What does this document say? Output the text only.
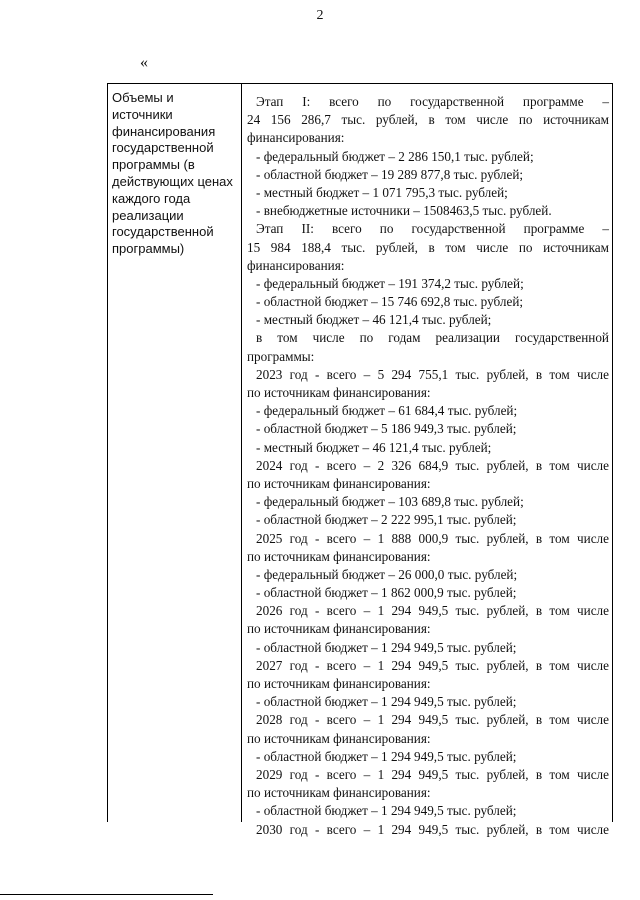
2
«
Объемы и
источники
финансирования
государственной
программы (в
действующих ценах
каждого года
реализации
государственной
программы)
Этап I: всего по государственной программе –
24 156 286,7 тыс. рублей, в том числе по источникам
финансирования:
- федеральный бюджет – 2 286 150,1 тыс. рублей;
- областной бюджет – 19 289 877,8 тыс. рублей;
- местный бюджет – 1 071 795,3 тыс. рублей;
- внебюджетные источники – 1508463,5 тыс. рублей.
Этап II: всего по государственной программе –
15 984 188,4 тыс. рублей, в том числе по источникам
финансирования:
- федеральный бюджет – 191 374,2 тыс. рублей;
- областной бюджет – 15 746 692,8 тыс. рублей;
- местный бюджет – 46 121,4 тыс. рублей;
в том числе по годам реализации государственной
программы:
2023 год - всего – 5 294 755,1 тыс. рублей, в том числе
по источникам финансирования:
- федеральный бюджет – 61 684,4 тыс. рублей;
- областной бюджет – 5 186 949,3 тыс. рублей;
- местный бюджет – 46 121,4 тыс. рублей;
2024 год - всего – 2 326 684,9 тыс. рублей, в том числе
по источникам финансирования:
- федеральный бюджет – 103 689,8 тыс. рублей;
- областной бюджет – 2 222 995,1 тыс. рублей;
2025 год - всего – 1 888 000,9 тыс. рублей, в том числе
по источникам финансирования:
- федеральный бюджет – 26 000,0 тыс. рублей;
- областной бюджет – 1 862 000,9 тыс. рублей;
2026 год - всего – 1 294 949,5 тыс. рублей, в том числе
по источникам финансирования:
- областной бюджет – 1 294 949,5 тыс. рублей;
2027 год - всего – 1 294 949,5 тыс. рублей, в том числе
по источникам финансирования:
- областной бюджет – 1 294 949,5 тыс. рублей;
2028 год - всего – 1 294 949,5 тыс. рублей, в том числе
по источникам финансирования:
- областной бюджет – 1 294 949,5 тыс. рублей;
2029 год - всего – 1 294 949,5 тыс. рублей, в том числе
по источникам финансирования:
- областной бюджет – 1 294 949,5 тыс. рублей;
2030 год - всего – 1 294 949,5 тыс. рублей, в том числе
